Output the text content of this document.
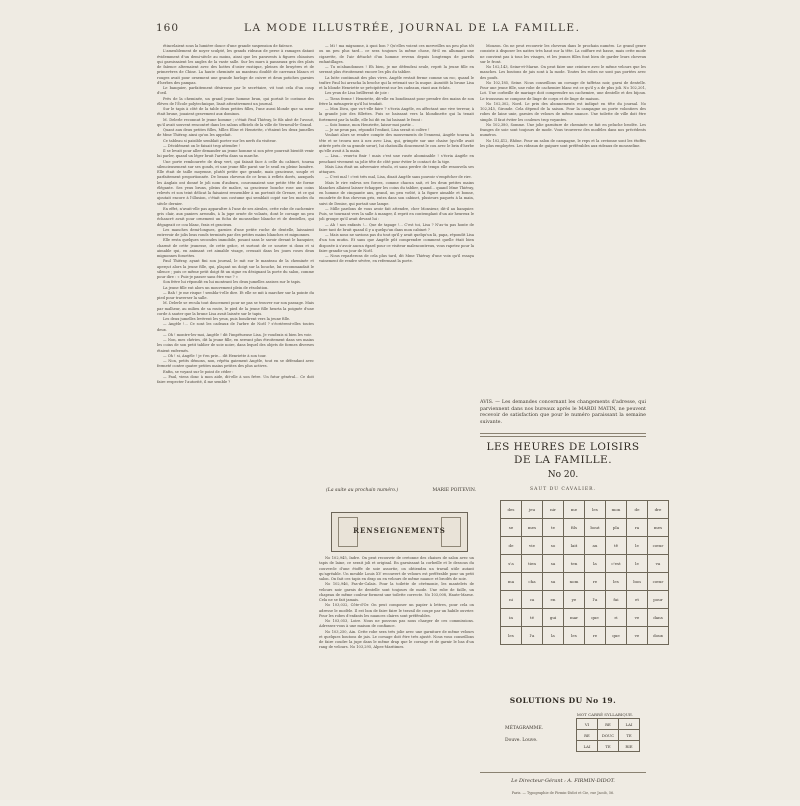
160	LA MODE ILLUSTRÉE, JOURNAL DE LA FAMILLE.

étincelaient sous la lumière douce d'une grande suspension de faïence.

L'ameublement de noyer sculpté, les grands rideaux de perse à ramages datant évidemment d'un demi-siècle au moins, ainsi que les paravents à figures chinoises qui garnissaient les angles de la vaste salle. Sur les murs à panneaux gris des plats de faïence alternaient avec des hottes d'osier rustique, pleines de bruyères et de primevères de Chine. La haute cheminée au manteau doublé de carreaux blancs et rouges avait pour ornement une grande horloge de cuivre et deux potiches garnies d'herbes des pampas.

Le banquier, parfaitement désireuse par le secrétaire, vit tout cela d'un coup d'œil.

Près de la cheminée, un grand jeune homme brun, qui portait le costume des élèves de l'École polytechnique, lisait attentivement un journal.

Sur le tapis à côté de la table deux petites filles, l'une aussi blonde que sa sœur était brune, jouaient gravement aux dominos.

M. Delerle reconnut le jeune homme ; c'était Paul Thiéray, le fils aîné de l'avoué, qu'il avait souvent rencontré dans les salons officiels de la ville de Verneuil-le-Grand.

Quant aux deux petites filles, Mlles Elise et Henriette, c'étaient les deux jumelles de Mme Thiéray, ainsi qu'on les appelait.

Ce tableau si paisible semblait porter sur les nerfs du visiteur.

— Décidément on le faisait trop attendre !

Il se levait pour aller demander au jeune homme si son père pourrait bientôt venir lui parler, quand un léger bruit l'arrêta dans sa marche.

Une porte rembourrée de drap vert, qui faisait face à celle du cabinet, tourna silencieusement sur ses gonds, et une jeune fille parut sur le seuil en pleine lumière. Elle était de taille moyenne, plutôt petite que grande, mais gracieuse, souple et parfaitement proportionnée. De beaux cheveux de ce brun à reflets dorés, auxquels les Anglais ont donné le joli nom d'auburn, couronnaient une petite tête de forme élégante. Ses yeux bruns, pleins de malice, sa gracieuse bouche rose aux coins relevés et son teint délicat la faisaient ressembler à un portrait de Greuze, et ce qui ajoutait encore à l'illusion, c'était son costume qui semblait copié sur les modes du siècle dernier.

En effet, n'avait-elle pas apparaître à l'une de ses aïeules, cette robe de cachemire gris clair, aux paniers arrondis, à la jupe ornée de volants, dont le corsage un peu échancré avait pour ornement un fichu de mousseline blanche et de dentelles, qui dégageait ce cou blanc, frais et gracieux.

Les manches demi-longues, garnies d'une petite ruche de dentelle, laissaient entrevoir de jolis bras ronds terminés par des petites mains blanches et mignonnes.

Elle resta quelques secondes immobile, posant sans le savoir devant le banquier, charmé de cette jeunesse, de cette grâce, et surtout de ce sourire si doux et si aimable qui, en animant cet aimable visage, creusait dans les joues roses deux mignonnes fossettes.

Paul Thiéray, ayant fini son journal, le mit sur le manteau de la cheminée et aperçut alors la jeune fille, qui, plaçant un doigt sur la bouche, lui recommandait le silence ; puis ce même petit doigt fit un signe en désignant la porte du salon, comme pour dire : « Puis-je passer sans être vue ? »

Son frère lui répondit en lui montrant les deux jumelles assises sur le tapis.

La jeune fille eut alors un mouvement plein de résolution.

— Bah ! je me risque ! sembla-t-elle dire. Et elle se mit à marcher sur la pointe du pied pour traverser la salle.

M. Delerle se recula tout doucement pour ne pas se trouver sur son passage. Mais par malheur, au milieu de sa route, le pied de la jeune fille heurta la poignée d'une corde à sauter que la brune Lisa avait laissée sur le tapis.

Les deux jumelles levèrent les yeux, puis bondirent vers la jeune fille.

— Angèle !... Ce sont les cadeaux de l'arbre de Noël ? s'écrièrent-elles toutes deux.

— Oh ! montre-les-moi, Angèle ! dit l'impétueuse Lisa. Je voudrais si bien les voir.

— Non, mes chéries, dit la jeune fille, en serrant plus étroitement dans ses mains les coins de son petit tablier de soie noire, dans lequel des objets de formes diverses étaient enfermés.

— Oh ! si, Angèle ! je t'en prie... dit Henriette à son tour.

— Non, petits démons, non, répéta gaiement Angèle, tout en se défendant avec fermeté contre quatre petites mains petites des plus actives.

Enfin, se voyant sur le point de céder :

— Paul, viens donc à mon aide, dit-elle à son frère. Un futur général... Ce doit faire respecter l'autorité, il me semble ?

— Mi ! ma mignonne, à quoi bon ? Qu'elles voient ces merveilles un peu plus tôt ou un peu plus tard... ce sera toujours la même chose, fit-il en allumant une cigarette, de l'air détaché d'un homme revenu depuis longtemps de pareils enfantillages.

— Tu m'abandonnes ! Eh bien, je me défendrai seule, reprit la jeune fille en serrant plus étroitement encore les plis du tablier.

La lutte continuait des plus vives. Angèle restait ferme comme un roc, quand le traître Paul lui arracha la broche qui la retenait sur la nuque. Aussitôt la brune Lisa et la blonde Henriette se précipitèrent sur les cadeaux, riant aux éclats.

Les yeux de Lisa brillèrent de joie :

— Tiens ferme ! Henriette, dit-elle en bondissant pour prendre des mains de son frère la ménagerie qu'il lui tendait.

— Mon Dieu, que va-t-elle faire ? s'écria Angèle, en affectant une vive terreur, à la grande joie des fillettes. Puis se baissant vers la blondinette qui la tenait fortement par la taille, elle lui dit en lui baisant le front :

— Sois bonne, mon Henriette, laisse-moi partir...

— Je ne peux pas, répondit l'enfant, Lisa serait si colère !

Voulant alors se rendre compte des mouvements de l'ennemi, Angèle tourna la tête et se trouva nez à nez avec Lisa, qui, grimpée sur une chaise (qu'elle avait attirée près de sa grande sœur), lui chatouilla doucement le cou avec le brin d'herbe qu'elle avait à la main.

— Lisa... veux-tu finir ! mais c'est une rusée abominable ! s'écria Angèle en penchant vivement sa jolie tête de côté pour éviter le contact de la tige.

Mais Lisa était un adversaire résolu, et sans perdre de temps elle renouvela ses attaques.

— C'est mal ! c'est très mal, Lisa, disait Angèle sans pouvoir s'empêcher de rire.

Mais le rire enleva ses forces, comme chacun sait, et les deux petites mains blanches allaient laisser échapper les coins du tablier, quand... quand Mme Thiéray, en homme de cinquante ans, grand, un peu voûté, à la figure aimable et bonne, encadrée de fins cheveux gris, entra dans son cabinet, plusieurs paquets à la main, suivi de Denise, qui portait une lampe.

— Mille pardons de vous avoir fait attendre, cher Monsieur, dit-il au banquier. Puis, se tournant vers la salle à manger, il reprit en contemplant d'un air heureux le joli groupe qu'il avait devant lui :

— Ah ! nos enfants !... Que de tapage !... C'est toi, Lisa ? N'as-tu pas honte de faire tant de bruit quand il y a quelqu'un dans mon cabinet ?

— Mais nous ne savions pas du tout qu'il y avait quelqu'un là, papa, répondit Lisa d'un ton mutin. Et sans que Angèle pût comprendre comment quelle était bien disposée à s'avoir aucun égard pour ce visiteur malencontreux, vous rapetez pour la faire grandir un jour de Noël.

— Nous reparlerons de cela plus tard, dit Mme Thiéray d'une voix qu'il essaya vainement de rendre sévère, en refermant la porte.

(La suite au prochain numéro.)	MARIE POITEVIN.
RENSEIGNEMENTS

No 102,945, Indre. On peut recouvrir de cretonne des chaises de salon avec un tapis de laine, ce serait joli et original. En garnissant la corbeille et le dessous du couvercle d'une étoffe de soie assortie, on obtiendra un travail utile autant qu'agréable. Un meuble Louis XV recouvert de velours est préférable pour un petit salon. On fait ces tapis en drap ou en velours de même nuance et brodés de soie.

No 102,946, Pas-de-Calais. Pour la toilette de cérémonie, les mantelets de velours noir garnis de dentelle sont toujours de mode. Une robe de faille, un chapeau de même couleur forment une toilette correcte. No 103,008, Haute-Marne. Cela ne se fait jamais.

No 103,032, Côte-d'Or. On peut composer un papier à lettres, pour cela on adresse le modèle. Il est bon de faire faire le travail de coupe par un habile ouvrier. Pour les robes d'enfants les nuances claires sont préférables.

No 103,053, Loire. Nous ne pouvons pas nous charger de ces commissions. Adressez-vous à une maison de confiance.

No 103,250, Ain. Cette robe sera très jolie avec une garniture de même velours et quelques boutons de jais. Le corsage doit être très ajusté. Nous vous conseillons de faire coudre la jupe dans le même drap que le corsage et de garnir le bas d'un rang de velours. No 103,295, Alpes-Maritimes.

Mouzon. On ne peut recouvrir les cheveux dans le prochain numéro. Le grand genre consiste à disposer les nattes très haut sur la tête. La coiffure est basse, mais cette mode ne convient pas à tous les visages, et les jeunes filles font bien de garder leurs cheveux sur le front.

No 102,143, Seine-et-Marne. On peut faire une ceinture avec le même velours que les manches. Les boutons de jais sont à la mode. Toutes les robes ne sont pas portées avec des poufs.

No 102,185, Seine. Nous conseillons un corsage de taffetas noir, garni de dentelle. Pour une jeune fille, une robe de cachemire blanc est ce qu'il y a de plus joli. No 102,201, Lot. Une corbeille de mariage doit comprendre un cachemire, une dentelle et des bijoux. Le trousseau se compose de linge de corps et de linge de maison.

No 102,302, Nord. Le prix des abonnements est indiqué en tête du journal. No 102,345, Gironde. Cela dépend de la saison. Pour la campagne on porte volontiers des robes de laine unie, garnies de velours de même nuance. Une toilette de ville doit être simple. Il faut éviter les couleurs trop voyantes.

No 102,380, Somme. Une jolie garniture de cheminée se fait en peluche brodée. Les franges de soie sont toujours de mode. Vous trouverez des modèles dans nos précédents numéros.

No 102,412, Rhône. Pour un salon de campagne, le reps et la cretonne sont les étoffes les plus employées. Les rideaux de guipure sont préférables aux rideaux de mousseline.

AVIS. — Les demandes concernant les changements d'adresse, qui parviennent dans nos bureaux après le MARDI MATIN, ne peuvent recevoir de satisfaction que pour le numéro paraissant la semaine suivante.
LES HEURES DE LOISIRS DE LA FAMILLE.
No 20.
SAUT DU CAVALIER.
des	jeu	nir	me	les	mon	de	dre
se	mes	te	fils	bout	pla	ra	mes
de	vie	so	lait	au	tê	le	cœur
s'a	tien	sa	ten	la	c'est	le	va
ma	cha	sa	nom	re	les	bon	cœur
ni	ca	en	ye	l'a	fai	et	pour
in	té	gui	mar	que	ri	ve	dans
les	l'a	la	les	re	que	ve	doux
SOLUTIONS DU No 19.
MOT CARRÉ SYLLABIQUE.
MÉTAGRAMME.
Douve. Louve.
VI	RE	LAI
RE	DOUC	TE
LAI	TE	RIE
Le Directeur-Gérant : A. FIRMIN-DIDOT.
Paris. — Typographie de Firmin-Didot et Cie, rue Jacob, 56.
